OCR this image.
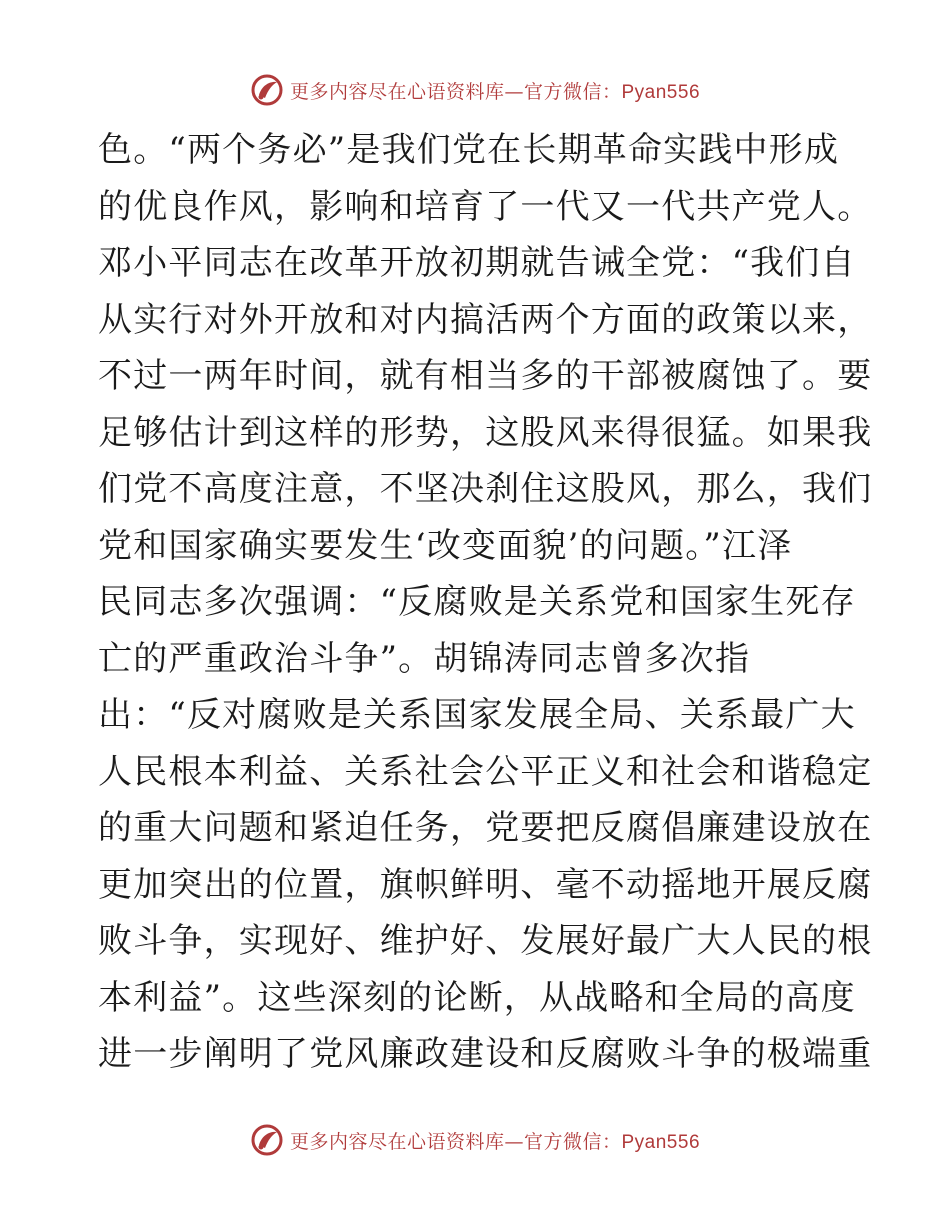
更多内容尽在心语资料库—官方微信：Pyan556
色。“两个务必”是我们党在长期革命实践中形成
的优良作风，影响和培育了一代又一代共产党人。
邓小平同志在改革开放初期就告诫全党：“我们自
从实行对外开放和对内搞活两个方面的政策以来，
不过一两年时间，就有相当多的干部被腐蚀了。要
足够估计到这样的形势，这股风来得很猛。如果我
们党不高度注意，不坚决刹住这股风，那么，我们
党和国家确实要发生‘改变面貌’的问题。”江泽
民同志多次强调：“反腐败是关系党和国家生死存
亡的严重政治斗争”。胡锦涛同志曾多次指
出：“反对腐败是关系国家发展全局、关系最广大
人民根本利益、关系社会公平正义和社会和谐稳定
的重大问题和紧迫任务，党要把反腐倡廉建设放在
更加突出的位置，旗帜鲜明、毫不动摇地开展反腐
败斗争，实现好、维护好、发展好最广大人民的根
本利益”。这些深刻的论断，从战略和全局的高度
进一步阐明了党风廉政建设和反腐败斗争的极端重
更多内容尽在心语资料库—官方微信：Pyan556
